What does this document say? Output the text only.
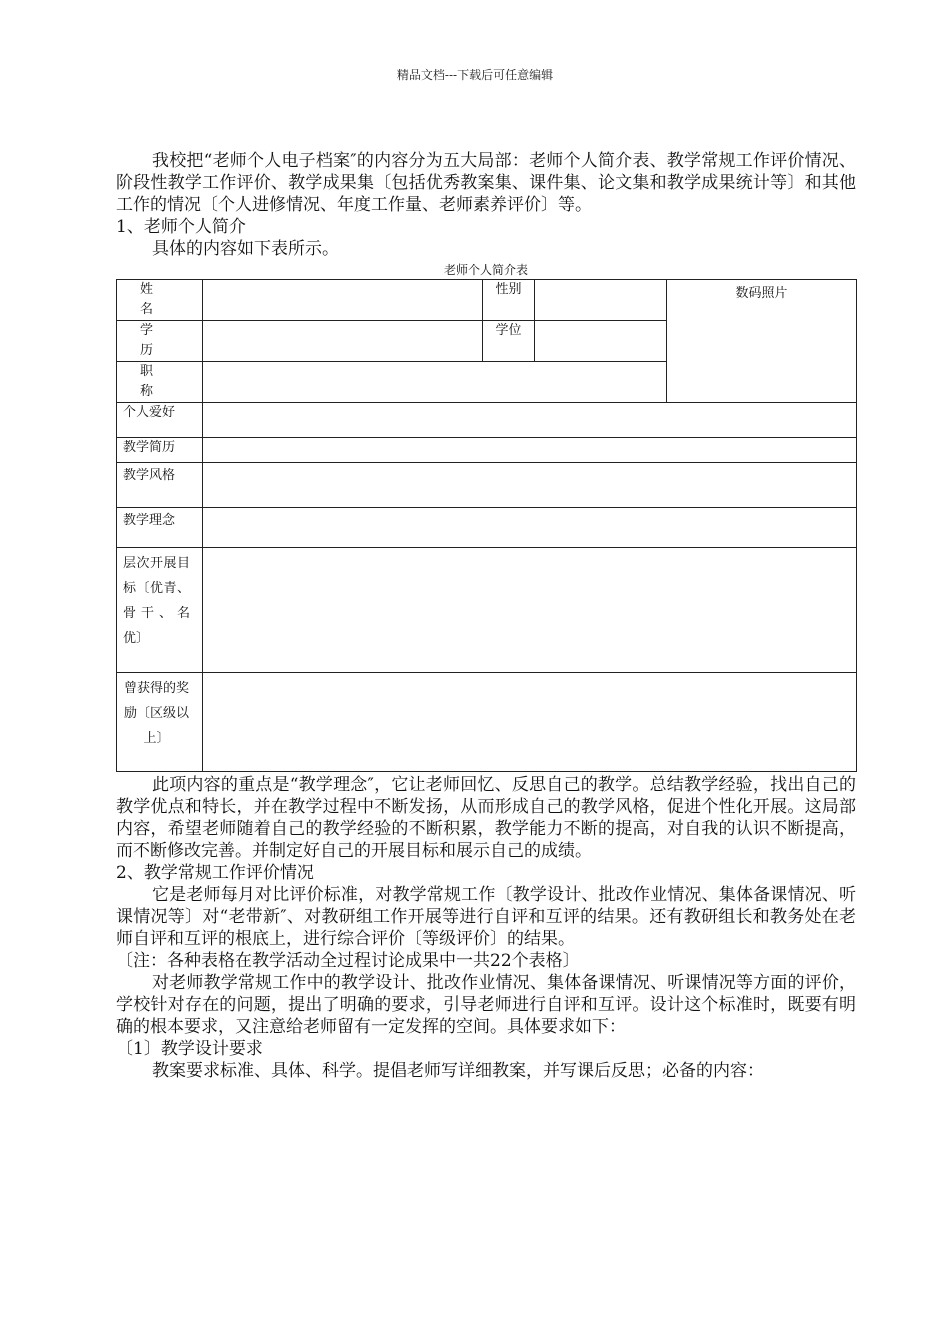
精品文档---下载后可任意编辑

我校把“老师个人电子档案″的内容分为五大局部：老师个人简介表、教学常规工作评价情况、阶段性教学工作评价、教学成果集〔包括优秀教案集、课件集、论文集和教学成果统计等〕和其他工作的情况〔个人进修情况、年度工作量、老师素养评价〕等。

1、老师个人简介

具体的内容如下表所示。

老师个人简介表
姓名		性别		数码照片
学历		学位		
职称				
个人爱好				
教学简历				
教学风格				
教学理念				
层次开展目标〔优青、骨干、名优〕				
曾获得的奖励〔区级以上〕				

此项内容的重点是“教学理念″，它让老师回忆、反思自己的教学。总结教学经验，找出自己的教学优点和特长，并在教学过程中不断发扬，从而形成自己的教学风格，促进个性化开展。这局部内容，希望老师随着自己的教学经验的不断积累，教学能力不断的提高，对自我的认识不断提高，而不断修改完善。并制定好自己的开展目标和展示自己的成绩。

2、教学常规工作评价情况

它是老师每月对比评价标准，对教学常规工作〔教学设计、批改作业情况、集体备课情况、听课情况等〕对“老带新″、对教研组工作开展等进行自评和互评的结果。还有教研组长和教务处在老师自评和互评的根底上，进行综合评价〔等级评价〕的结果。

〔注：各种表格在教学活动全过程讨论成果中一共22个表格〕

对老师教学常规工作中的教学设计、批改作业情况、集体备课情况、听课情况等方面的评价，学校针对存在的问题，提出了明确的要求，引导老师进行自评和互评。设计这个标准时，既要有明确的根本要求，又注意给老师留有一定发挥的空间。具体要求如下：

〔1〕教学设计要求

教案要求标准、具体、科学。提倡老师写详细教案，并写课后反思；必备的内容：
